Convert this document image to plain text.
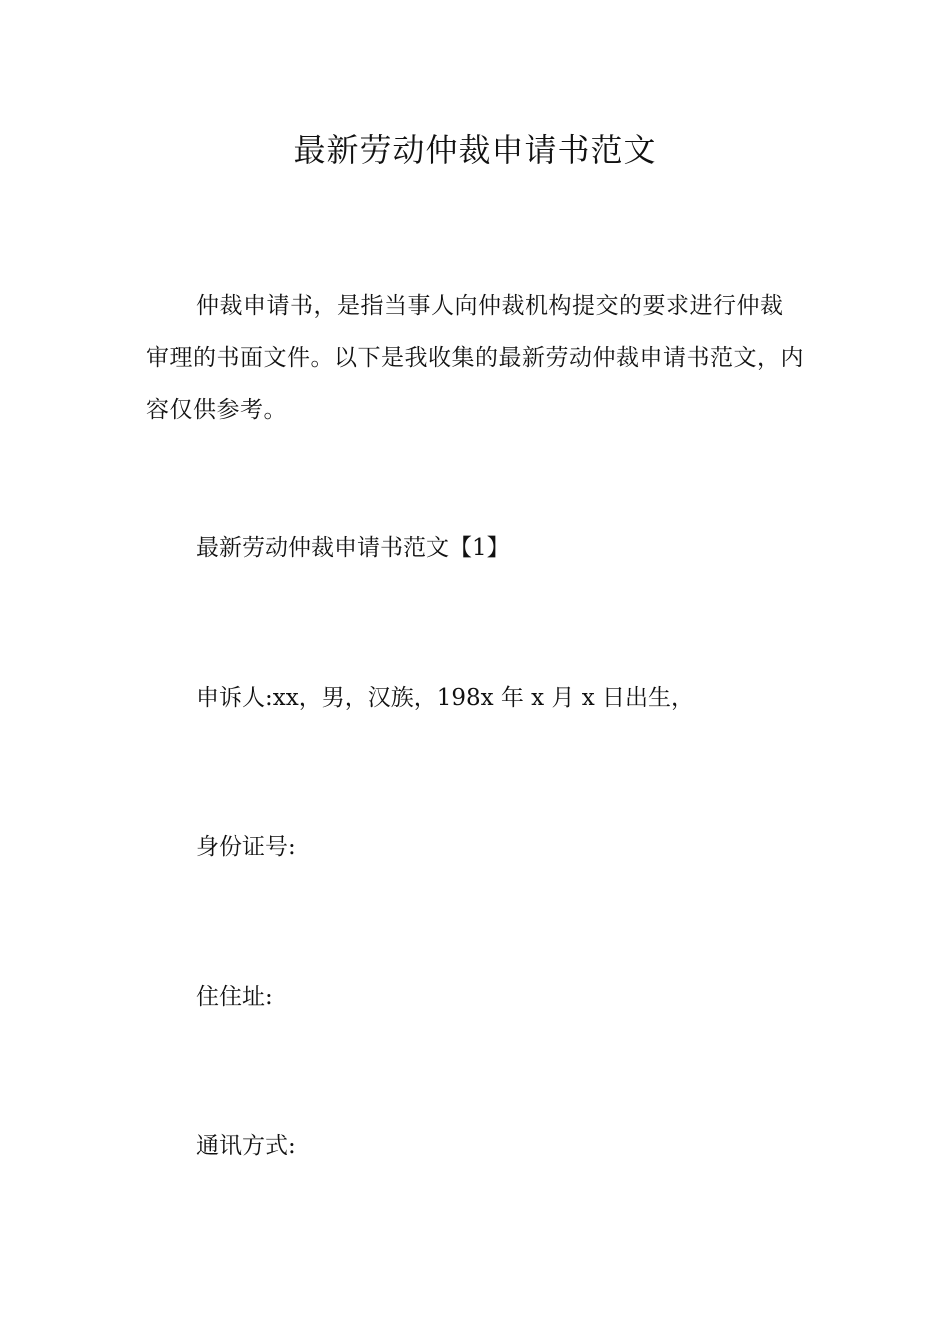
最新劳动仲裁申请书范文

仲裁申请书，是指当事人向仲裁机构提交的要求进行仲裁审理的书面文件。以下是我收集的最新劳动仲裁申请书范文，内容仅供参考。

最新劳动仲裁申请书范文【1】

申诉人:xx，男，汉族，198x 年 x 月 x 日出生，

身份证号:

住住址:

通讯方式:
